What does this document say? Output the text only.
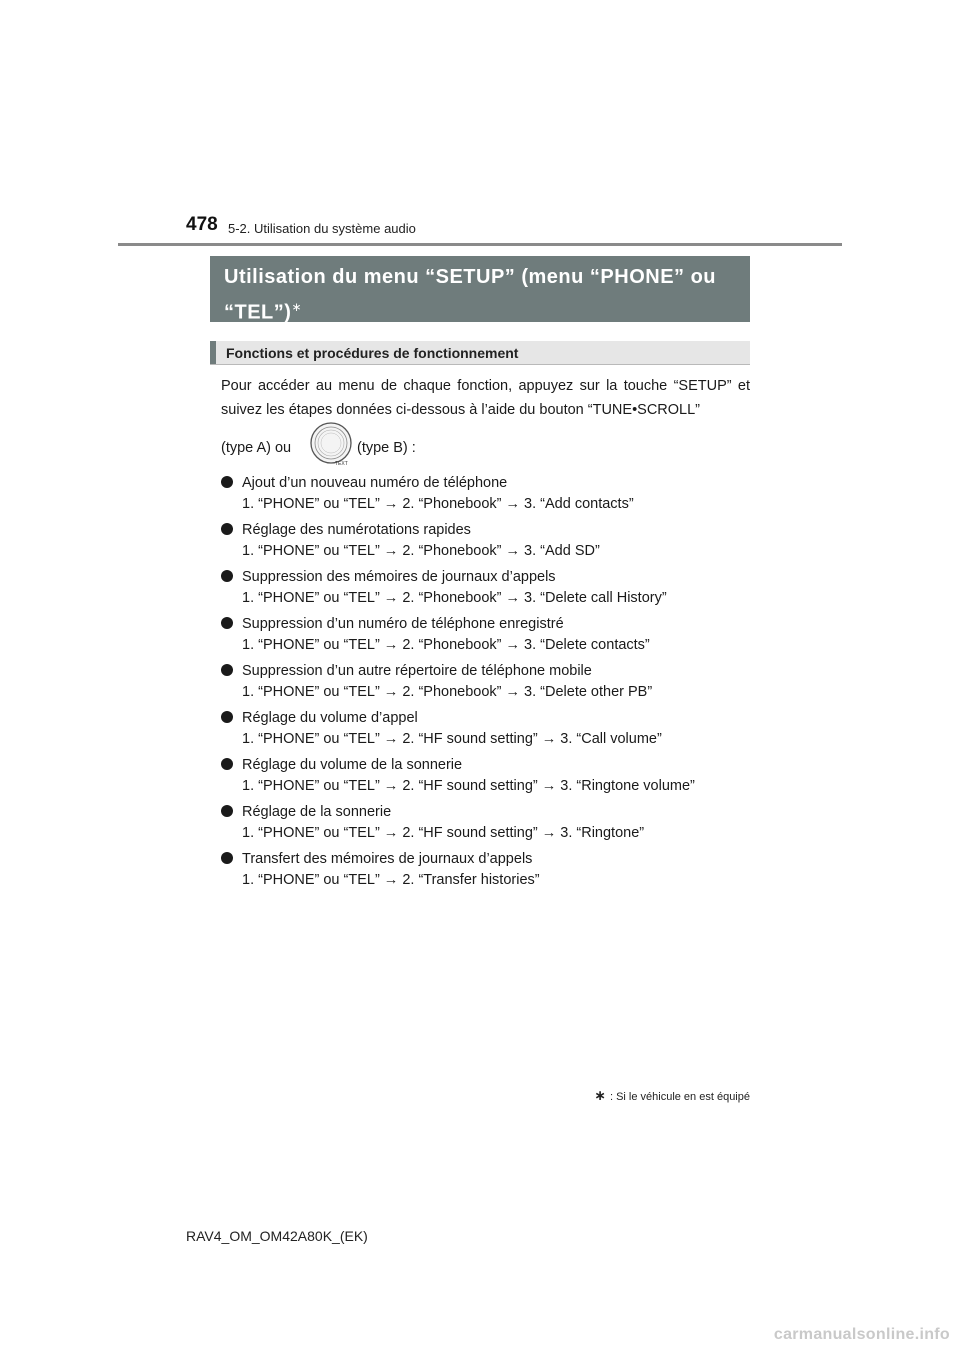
478 5-2. Utilisation du système audio
Utilisation du menu “SETUP” (menu “PHONE” ou “TEL”)∗
Fonctions et procédures de fonctionnement
Pour accéder au menu de chaque fonction, appuyez sur la touche “SETUP” et suivez les étapes données ci-dessous à l’aide du bouton “TUNE•SCROLL”
(type A) ou
TEXT
(type B) :
Ajout d’un nouveau numéro de téléphone
1. “PHONE” ou “TEL” → 2. “Phonebook” → 3. “Add contacts”
Réglage des numérotations rapides
1. “PHONE” ou “TEL” → 2. “Phonebook” → 3. “Add SD”
Suppression des mémoires de journaux d’appels
1. “PHONE” ou “TEL” → 2. “Phonebook” → 3. “Delete call History”
Suppression d’un numéro de téléphone enregistré
1. “PHONE” ou “TEL” → 2. “Phonebook” → 3. “Delete contacts”
Suppression d’un autre répertoire de téléphone mobile
1. “PHONE” ou “TEL” → 2. “Phonebook” → 3. “Delete other PB”
Réglage du volume d’appel
1. “PHONE” ou “TEL” → 2. “HF sound setting” → 3. “Call volume”
Réglage du volume de la sonnerie
1. “PHONE” ou “TEL” → 2. “HF sound setting” → 3. “Ringtone volume”
Réglage de la sonnerie
1. “PHONE” ou “TEL” → 2. “HF sound setting” → 3. “Ringtone”
Transfert des mémoires de journaux d’appels
1. “PHONE” ou “TEL” → 2. “Transfer histories”
∗ : Si le véhicule en est équipé
RAV4_OM_OM42A80K_(EK)
carmanualsonline.info
